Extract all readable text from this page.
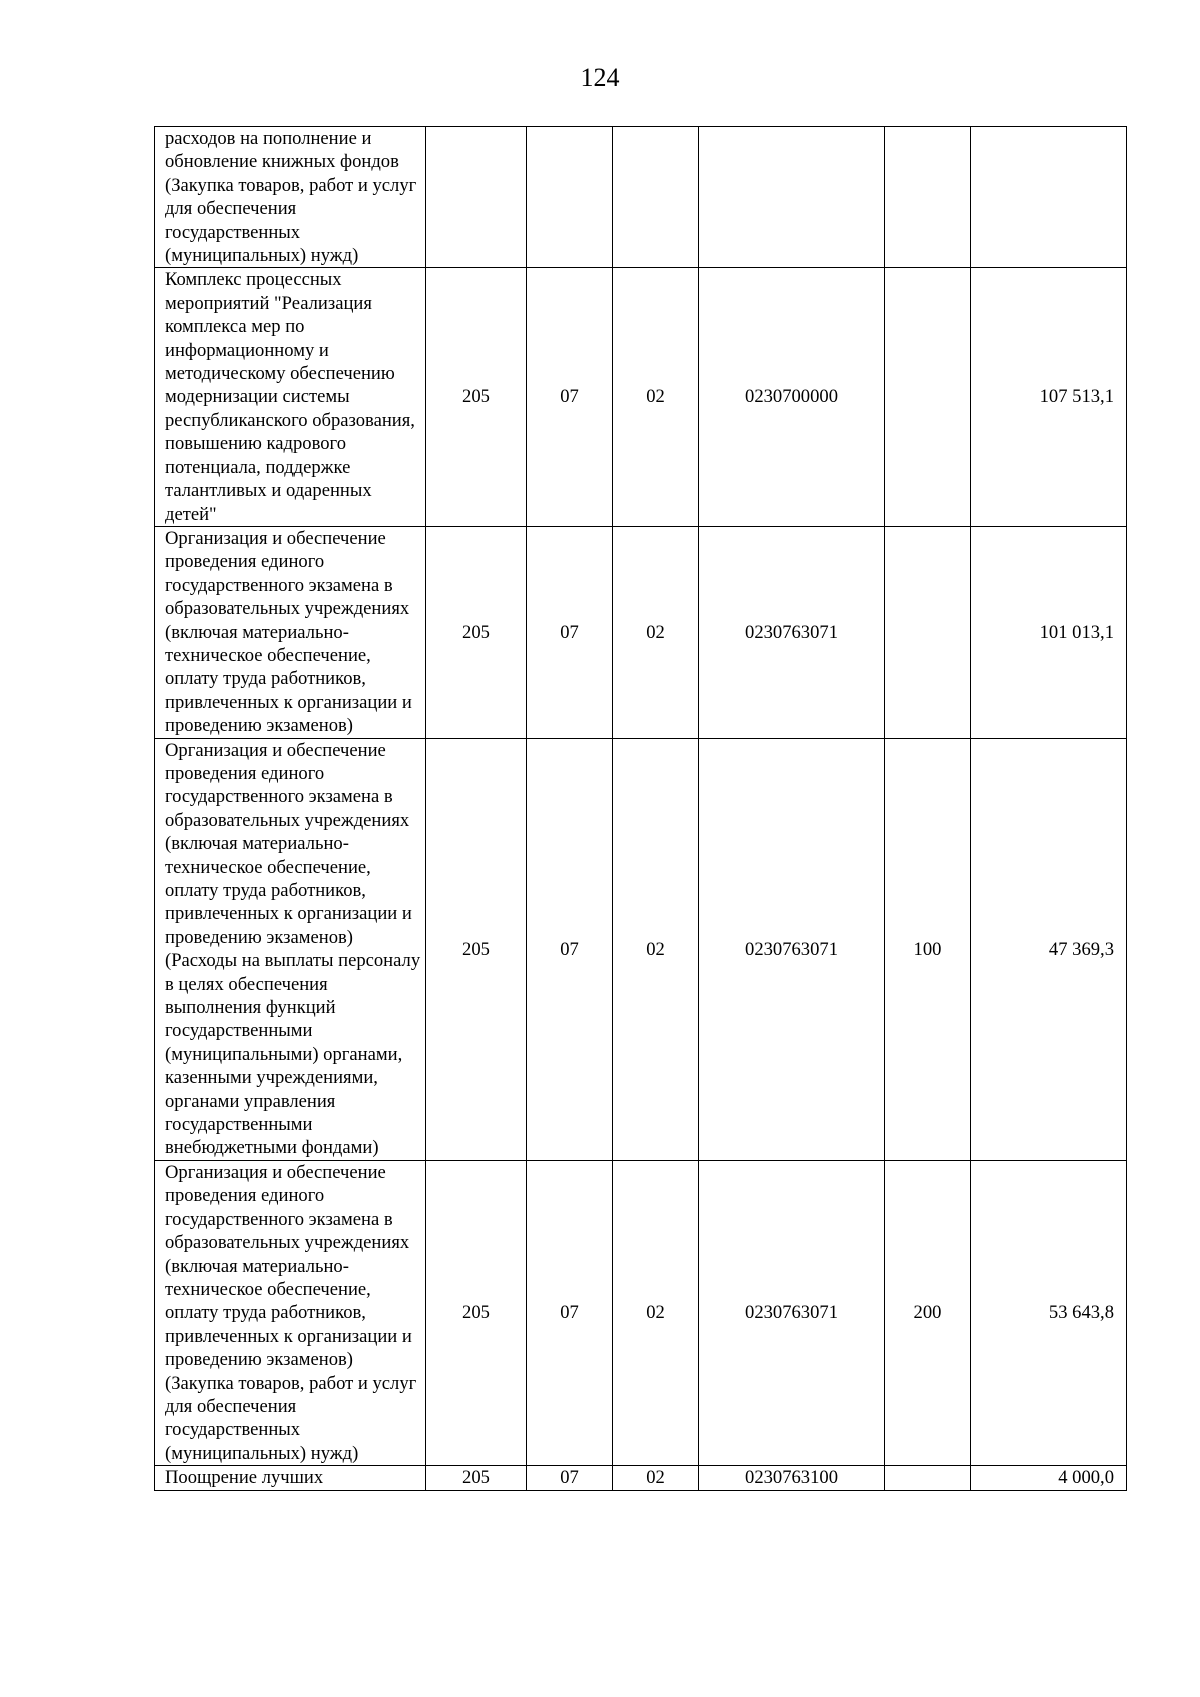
124
расходов на пополнение и обновление книжных фондов (Закупка товаров, работ и услуг для обеспечения государственных (муниципальных) нужд)						
Комплекс процессных мероприятий "Реализация комплекса мер по информационному и методическому обеспечению модернизации системы республиканского образования, повышению кадрового потенциала, поддержке талантливых и одаренных детей"	205	07	02	0230700000		107 513,1
Организация и обеспечение проведения единого государственного экзамена в образовательных учреждениях (включая материально-техническое обеспечение, оплату труда работников, привлеченных к организации и проведению экзаменов)	205	07	02	0230763071		101 013,1
Организация и обеспечение проведения единого государственного экзамена в образовательных учреждениях (включая материально-техническое обеспечение, оплату труда работников, привлеченных к организации и проведению экзаменов) (Расходы на выплаты персоналу в целях обеспечения выполнения функций государственными (муниципальными) органами, казенными учреждениями, органами управления государственными внебюджетными фондами)	205	07	02	0230763071	100	47 369,3
Организация и обеспечение проведения единого государственного экзамена в образовательных учреждениях (включая материально-техническое обеспечение, оплату труда работников, привлеченных к организации и проведению экзаменов) (Закупка товаров, работ и услуг для обеспечения государственных (муниципальных) нужд)	205	07	02	0230763071	200	53 643,8
Поощрение лучших	205	07	02	0230763100		4 000,0
